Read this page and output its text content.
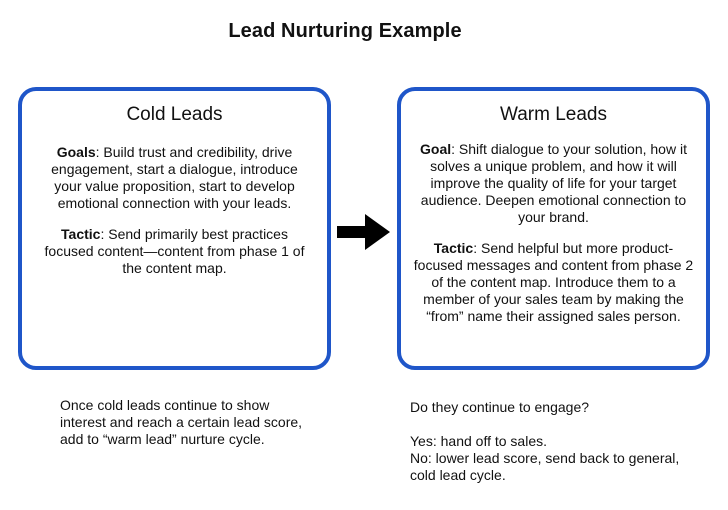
Lead Nurturing Example
Cold Leads

Goals: Build trust and credibility, drive engagement, start a dialogue, introduce your value proposition, start to develop emotional connection with your leads.

Tactic: Send primarily best practices focused content—content from phase 1 of the content map.

Warm Leads

Goal: Shift dialogue to your solution, how it solves a unique problem, and how it will improve the quality of life for your target audience. Deepen emotional connection to your brand.

Tactic: Send helpful but more product-focused messages and content from phase 2 of the content map. Introduce them to a member of your sales team by making the “from” name their assigned sales person.

Once cold leads continue to show interest and reach a certain lead score, add to “warm lead” nurture cycle.
Do they continue to engage?
Yes: hand off to sales.
No: lower lead score, send back to general, cold lead cycle.
